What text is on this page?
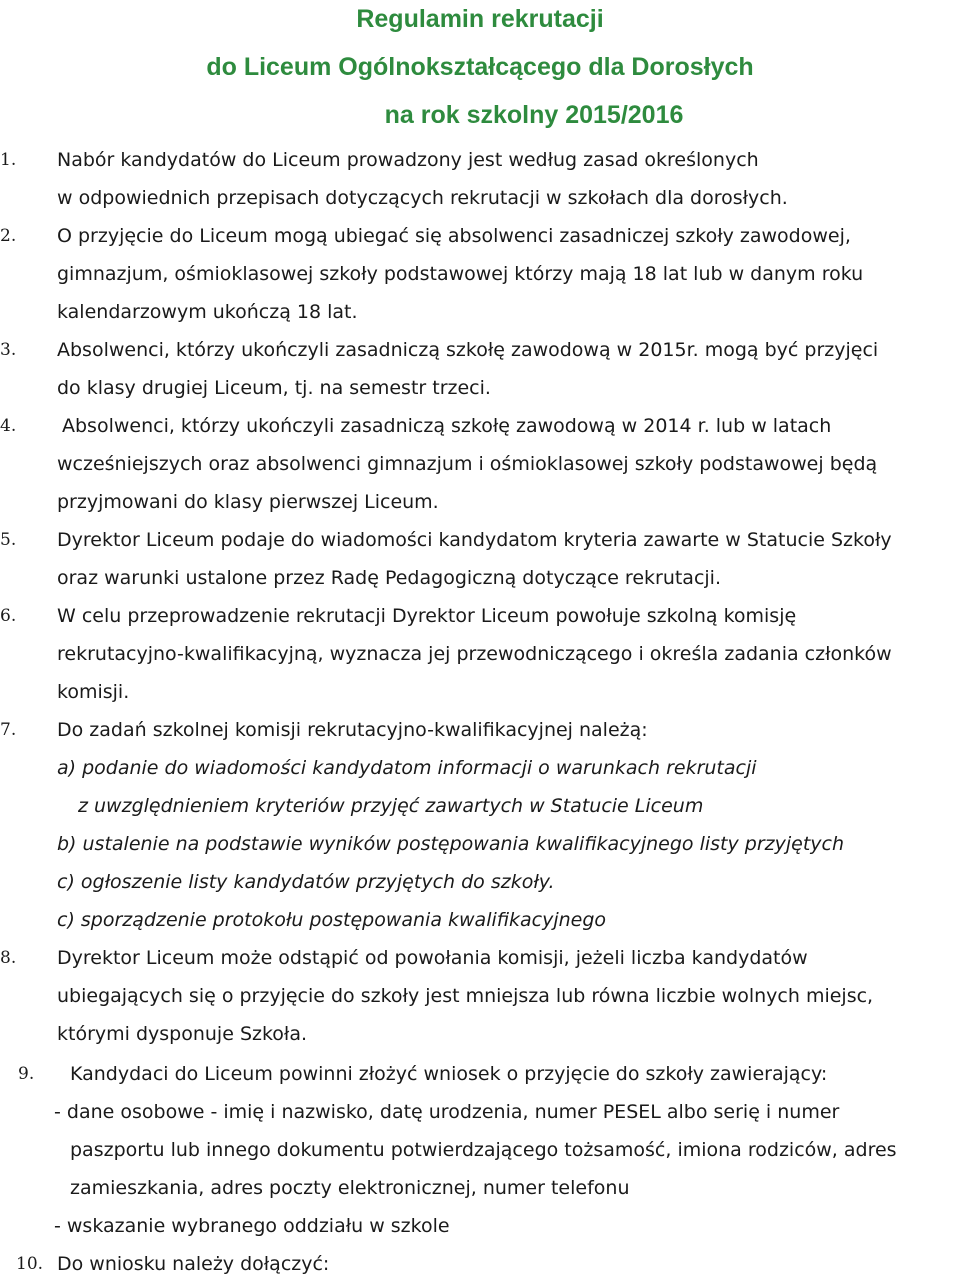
Regulamin rekrutacji
do Liceum Ogólnokształcącego dla Dorosłych
na rok szkolny 2015/2016
1. Nabór kandydatów do Liceum prowadzony jest według zasad określonych
w odpowiednich przepisach dotyczących rekrutacji w szkołach dla dorosłych.
2. O przyjęcie do Liceum mogą ubiegać się absolwenci zasadniczej szkoły zawodowej,
gimnazjum, ośmioklasowej szkoły podstawowej którzy mają 18 lat lub w danym roku
kalendarzowym ukończą 18 lat.
3. Absolwenci, którzy ukończyli zasadniczą szkołę zawodową w 2015r. mogą być przyjęci
do klasy drugiej Liceum, tj. na semestr trzeci.
4. Absolwenci, którzy ukończyli zasadniczą szkołę zawodową w 2014 r. lub w latach
wcześniejszych oraz absolwenci gimnazjum i ośmioklasowej szkoły podstawowej będą
przyjmowani do klasy pierwszej Liceum.
5. Dyrektor Liceum podaje do wiadomości kandydatom kryteria zawarte w Statucie Szkoły
oraz warunki ustalone przez Radę Pedagogiczną dotyczące rekrutacji.
6. W celu przeprowadzenie rekrutacji Dyrektor Liceum powołuje szkolną komisję
rekrutacyjno-kwalifikacyjną, wyznacza jej przewodniczącego i określa zadania członków
komisji.
7. Do zadań szkolnej komisji rekrutacyjno-kwalifikacyjnej należą:
a) podanie do wiadomości kandydatom informacji o warunkach rekrutacji
z uwzględnieniem kryteriów przyjęć zawartych w Statucie Liceum
b) ustalenie na podstawie wyników postępowania kwalifikacyjnego listy przyjętych
c) ogłoszenie listy kandydatów przyjętych do szkoły.
c) sporządzenie protokołu postępowania kwalifikacyjnego
8. Dyrektor Liceum może odstąpić od powołania komisji, jeżeli liczba kandydatów
ubiegających się o przyjęcie do szkoły jest mniejsza lub równa liczbie wolnych miejsc,
którymi dysponuje Szkoła.
9. Kandydaci do Liceum powinni złożyć wniosek o przyjęcie do szkoły zawierający:
- dane osobowe - imię i nazwisko, datę urodzenia, numer PESEL albo serię i numer
paszportu lub innego dokumentu potwierdzającego tożsamość, imiona rodziców, adres
zamieszkania, adres poczty elektronicznej, numer telefonu
- wskazanie wybranego oddziału w szkole
10. Do wniosku należy dołączyć:
